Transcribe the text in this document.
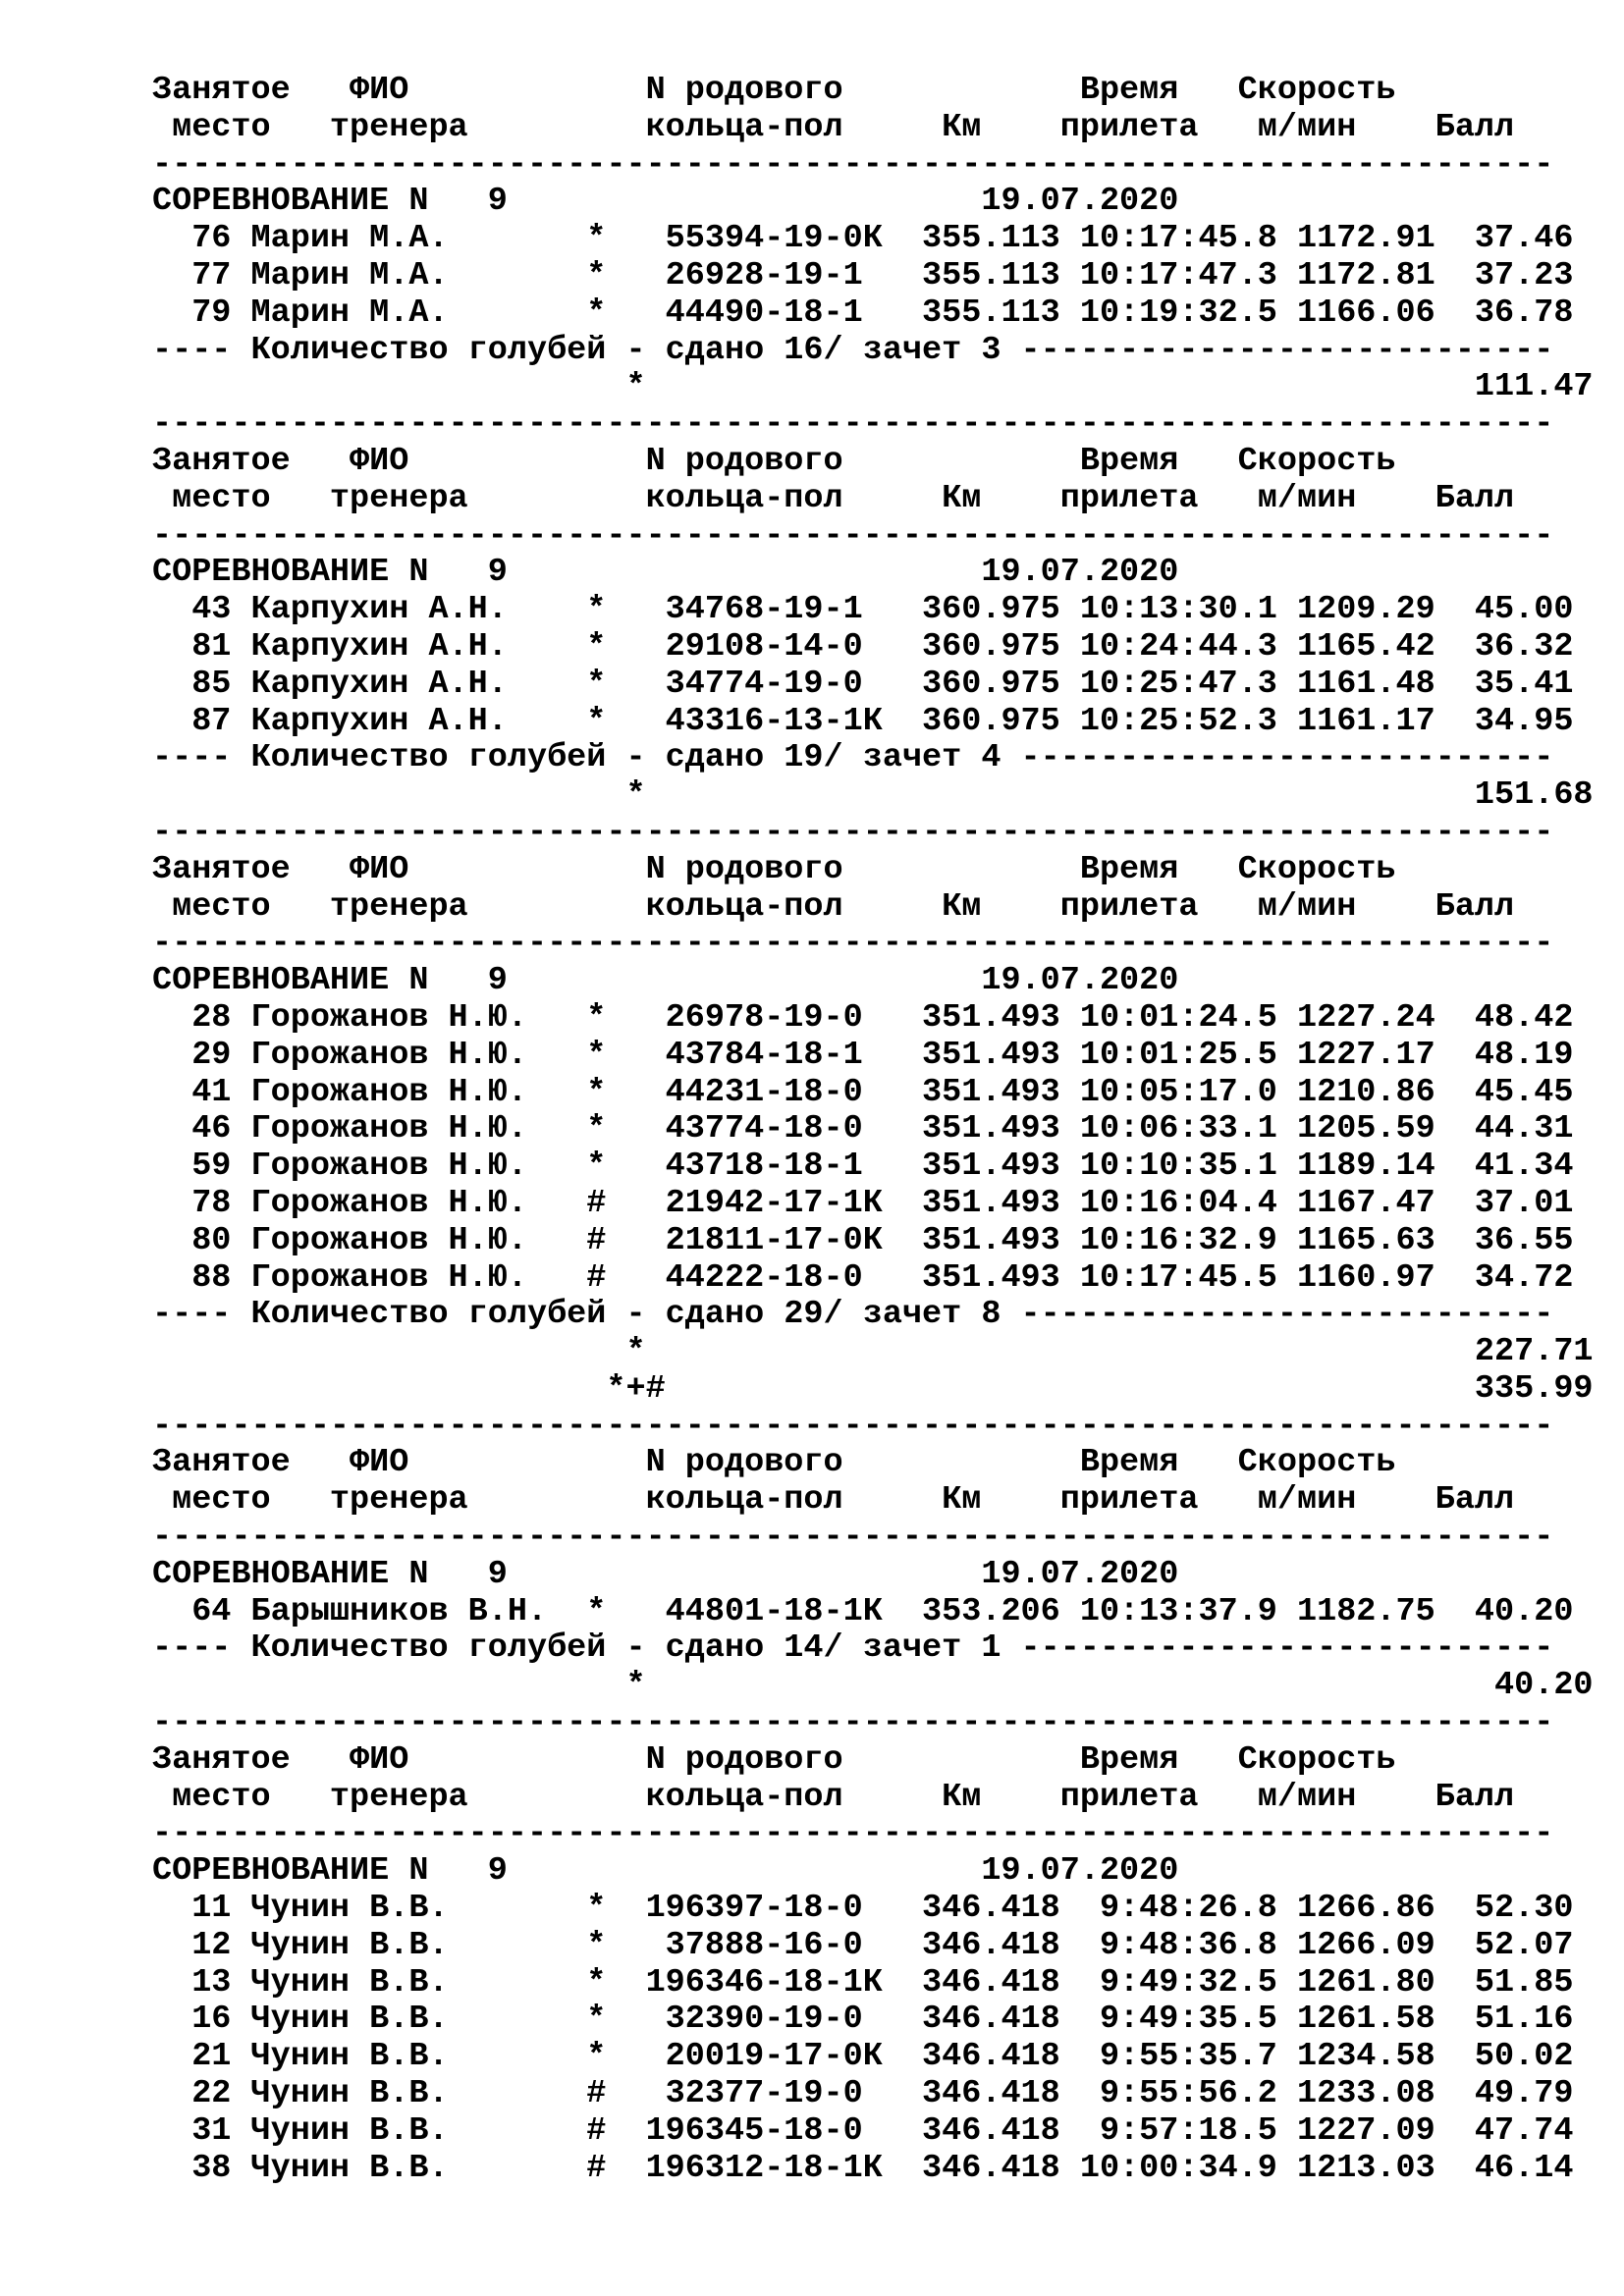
Занятое   ФИО            N родового            Время   Скорость
место   тренера         кольца-пол     Км    прилета   м/мин    Балл
-----------------------------------------------------------------------
СОРЕВНОВАНИЕ N   9                        19.07.2020
76 Марин М.А.       *   55394-19-0К  355.113 10:17:45.8 1172.91  37.46
77 Марин М.А.       *   26928-19-1   355.113 10:17:47.3 1172.81  37.23
79 Марин М.А.       *   44490-18-1   355.113 10:19:32.5 1166.06  36.78
---- Количество голубей - сдано 16/ зачет 3 ---------------------------
*                                          111.47
-----------------------------------------------------------------------
Занятое   ФИО            N родового            Время   Скорость
место   тренера         кольца-пол     Км    прилета   м/мин    Балл
-----------------------------------------------------------------------
СОРЕВНОВАНИЕ N   9                        19.07.2020
43 Карпухин А.Н.    *   34768-19-1   360.975 10:13:30.1 1209.29  45.00
81 Карпухин А.Н.    *   29108-14-0   360.975 10:24:44.3 1165.42  36.32
85 Карпухин А.Н.    *   34774-19-0   360.975 10:25:47.3 1161.48  35.41
87 Карпухин А.Н.    *   43316-13-1К  360.975 10:25:52.3 1161.17  34.95
---- Количество голубей - сдано 19/ зачет 4 ---------------------------
*                                          151.68
-----------------------------------------------------------------------
Занятое   ФИО            N родового            Время   Скорость
место   тренера         кольца-пол     Км    прилета   м/мин    Балл
-----------------------------------------------------------------------
СОРЕВНОВАНИЕ N   9                        19.07.2020
28 Горожанов Н.Ю.   *   26978-19-0   351.493 10:01:24.5 1227.24  48.42
29 Горожанов Н.Ю.   *   43784-18-1   351.493 10:01:25.5 1227.17  48.19
41 Горожанов Н.Ю.   *   44231-18-0   351.493 10:05:17.0 1210.86  45.45
46 Горожанов Н.Ю.   *   43774-18-0   351.493 10:06:33.1 1205.59  44.31
59 Горожанов Н.Ю.   *   43718-18-1   351.493 10:10:35.1 1189.14  41.34
78 Горожанов Н.Ю.   #   21942-17-1К  351.493 10:16:04.4 1167.47  37.01
80 Горожанов Н.Ю.   #   21811-17-0К  351.493 10:16:32.9 1165.63  36.55
88 Горожанов Н.Ю.   #   44222-18-0   351.493 10:17:45.5 1160.97  34.72
---- Количество голубей - сдано 29/ зачет 8 ---------------------------
*                                          227.71
*+#                                         335.99
-----------------------------------------------------------------------
Занятое   ФИО            N родового            Время   Скорость
место   тренера         кольца-пол     Км    прилета   м/мин    Балл
-----------------------------------------------------------------------
СОРЕВНОВАНИЕ N   9                        19.07.2020
64 Барышников В.Н.  *   44801-18-1К  353.206 10:13:37.9 1182.75  40.20
---- Количество голубей - сдано 14/ зачет 1 ---------------------------
*                                           40.20
-----------------------------------------------------------------------
Занятое   ФИО            N родового            Время   Скорость
место   тренера         кольца-пол     Км    прилета   м/мин    Балл
-----------------------------------------------------------------------
СОРЕВНОВАНИЕ N   9                        19.07.2020
11 Чунин В.В.       *  196397-18-0   346.418  9:48:26.8 1266.86  52.30
12 Чунин В.В.       *   37888-16-0   346.418  9:48:36.8 1266.09  52.07
13 Чунин В.В.       *  196346-18-1К  346.418  9:49:32.5 1261.80  51.85
16 Чунин В.В.       *   32390-19-0   346.418  9:49:35.5 1261.58  51.16
21 Чунин В.В.       *   20019-17-0К  346.418  9:55:35.7 1234.58  50.02
22 Чунин В.В.       #   32377-19-0   346.418  9:55:56.2 1233.08  49.79
31 Чунин В.В.       #  196345-18-0   346.418  9:57:18.5 1227.09  47.74
38 Чунин В.В.       #  196312-18-1К  346.418 10:00:34.9 1213.03  46.14
